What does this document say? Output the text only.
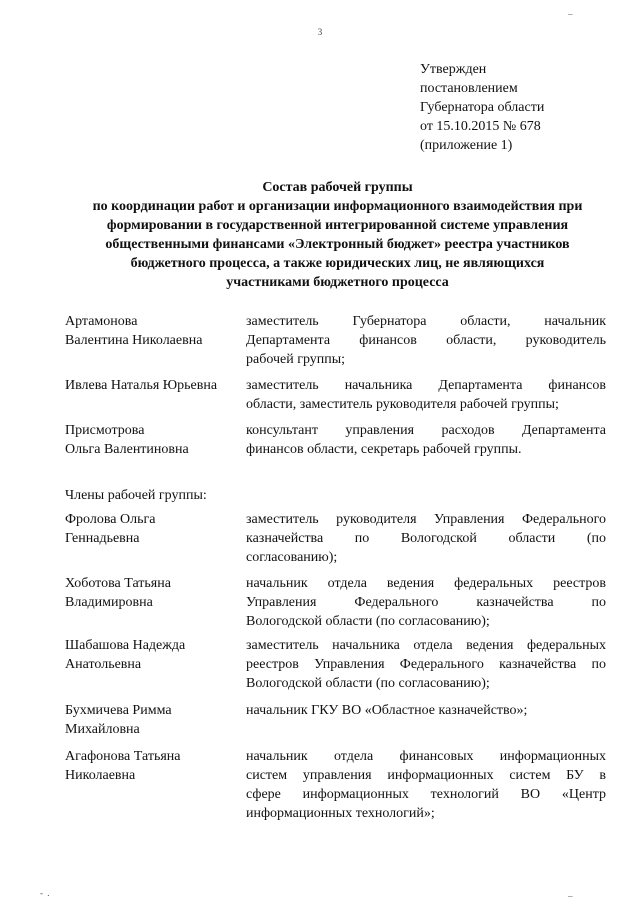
3
_
Утвержден
постановлением
Губернатора области
от 15.10.2015 № 678
(приложение 1)
Состав рабочей группы
по координации работ и организации информационного взаимодействия при
формировании в государственной интегрированной системе управления
общественными финансами «Электронный бюджет» реестра участников
бюджетного процесса, а также юридических лиц, не являющихся
участниками бюджетного процесса
Артамонова
Валентина Николаевна
заместитель Губернатора области, начальник
Департамента финансов области, руководитель
рабочей группы;
Ивлева Наталья Юрьевна	заместитель начальника Департамента финансов
области, заместитель руководителя рабочей группы;
Присмотрова
Ольга Валентиновна
консультант управления расходов Департамента
финансов области, секретарь рабочей группы.
Члены рабочей группы:
Фролова Ольга
Геннадьевна
заместитель руководителя Управления Федерального
казначейства по Вологодской области (по
согласованию);
Хоботова Татьяна
Владимировна
начальник отдела ведения федеральных реестров
Управления Федерального казначейства по
Вологодской области (по согласованию);
Шабашова Надежда
Анатольевна
заместитель начальника отдела ведения федеральных
реестров Управления Федерального казначейства по
Вологодской области (по согласованию);
Бухмичева Римма
Михайловна
начальник ГКУ ВО «Областное казначейство»;
Агафонова Татьяна
Николаевна
начальник отдела финансовых информационных
систем управления информационных систем БУ в
сфере информационных технологий ВО «Центр
информационных технологий»;
- .	_
